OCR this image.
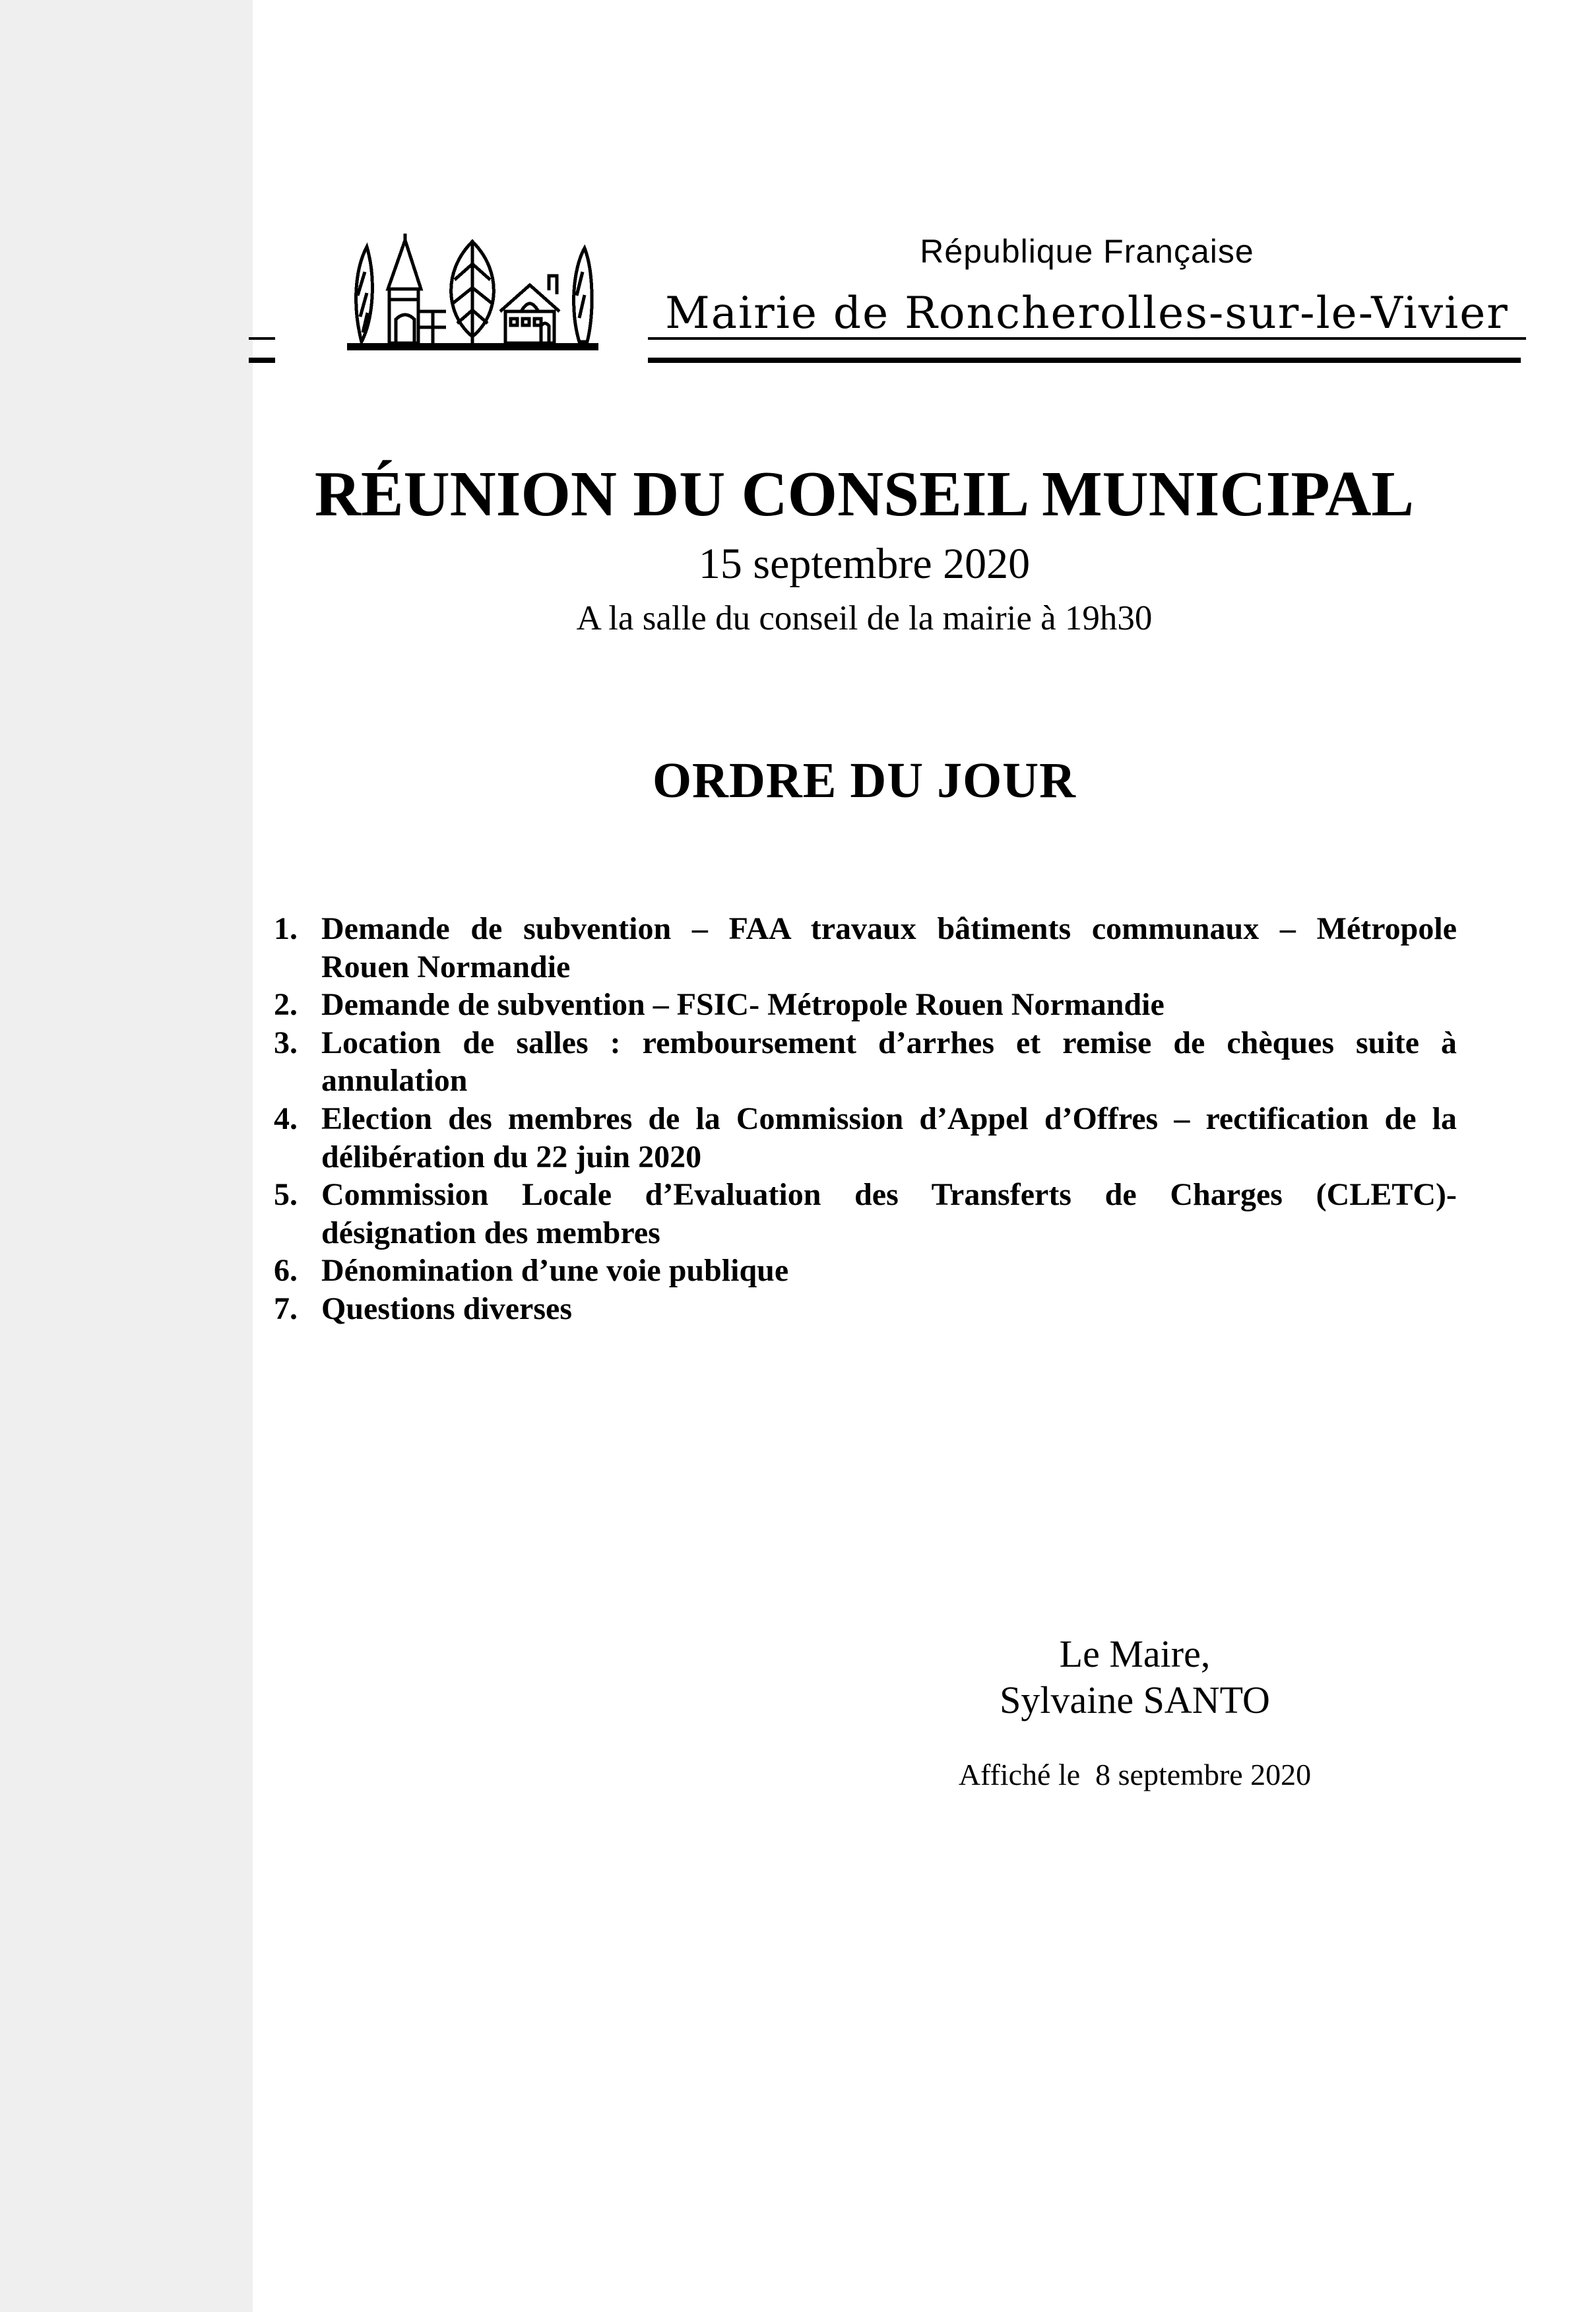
République Française
Mairie de Roncherolles-sur-le-Vivier
RÉUNION DU CONSEIL MUNICIPAL
15 septembre 2020
A la salle du conseil de la mairie à 19h30
ORDRE DU JOUR
1. Demande de subvention – FAA travaux bâtiments communaux – Métropole
Rouen Normandie
2. Demande de subvention – FSIC- Métropole Rouen Normandie
3. Location de salles : remboursement d’arrhes et remise de chèques suite à
annulation
4. Election des membres de la Commission d’Appel d’Offres – rectification de la
délibération du 22 juin 2020
5. Commission Locale d’Evaluation des Transferts de Charges (CLETC)-
désignation des membres
6. Dénomination d’une voie publique
7. Questions diverses
Le Maire,
Sylvaine SANTO
Affiché le  8 septembre 2020
